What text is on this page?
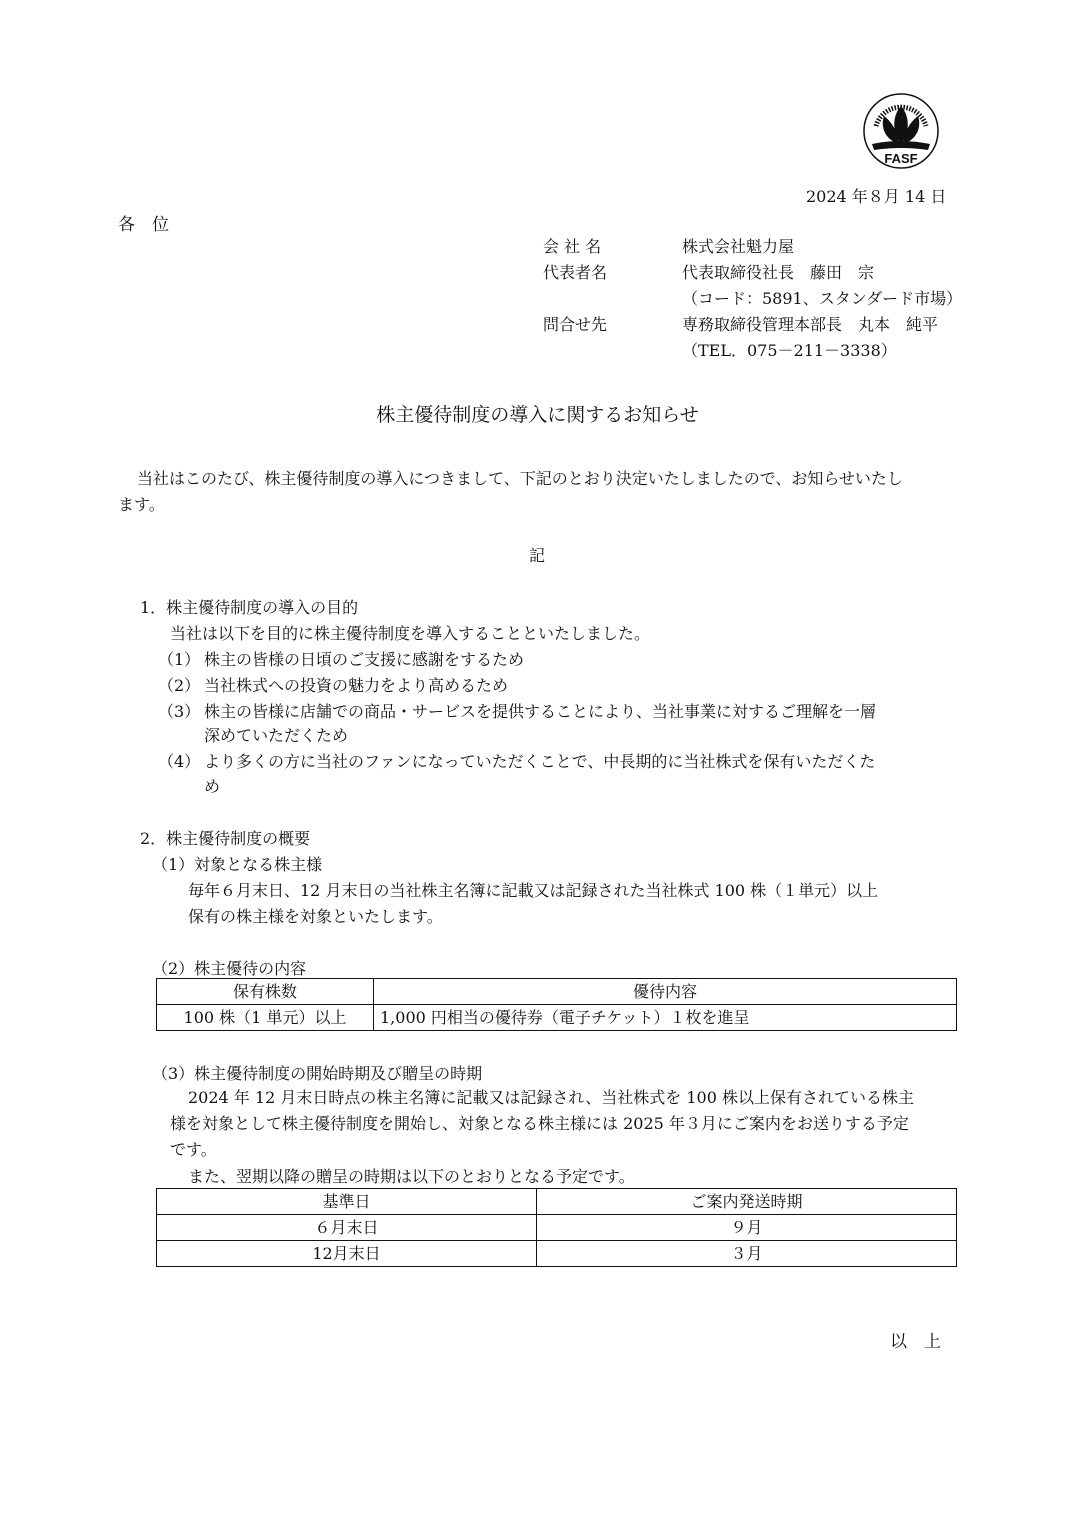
FASF
2024 年８月 14 日
各　位
会 社 名	株式会社魁力屋
代表者名	代表取締役社長　藤田　宗
（コード：5891、スタンダード市場）
問合せ先	専務取締役管理本部長　丸本　純平
（TEL．075－211－3338）
株主優待制度の導入に関するお知らせ
当社はこのたび、株主優待制度の導入につきまして、下記のとおり決定いたしましたので、お知らせいたし
ます。
記
1．株主優待制度の導入の目的
当社は以下を目的に株主優待制度を導入することといたしました。
（1） 株主の皆様の日頃のご支援に感謝をするため
（2） 当社株式への投資の魅力をより高めるため
（3） 株主の皆様に店舗での商品・サービスを提供することにより、当社事業に対するご理解を一層
深めていただくため
（4） より多くの方に当社のファンになっていただくことで、中長期的に当社株式を保有いただくた
め
2．株主優待制度の概要
（1）対象となる株主様
毎年６月末日、12 月末日の当社株主名簿に記載又は記録された当社株式 100 株（１単元）以上
保有の株主様を対象といたします。
（2）株主優待の内容
保有株数	優待内容
100 株（1 単元）以上	1,000 円相当の優待券（電子チケット）１枚を進呈
（3）株主優待制度の開始時期及び贈呈の時期
2024 年 12 月末日時点の株主名簿に記載又は記録され、当社株式を 100 株以上保有されている株主
様を対象として株主優待制度を開始し、対象となる株主様には 2025 年３月にご案内をお送りする予定
です。
また、翌期以降の贈呈の時期は以下のとおりとなる予定です。
基準日	ご案内発送時期
６月末日	９月
12月末日	３月
以　上
